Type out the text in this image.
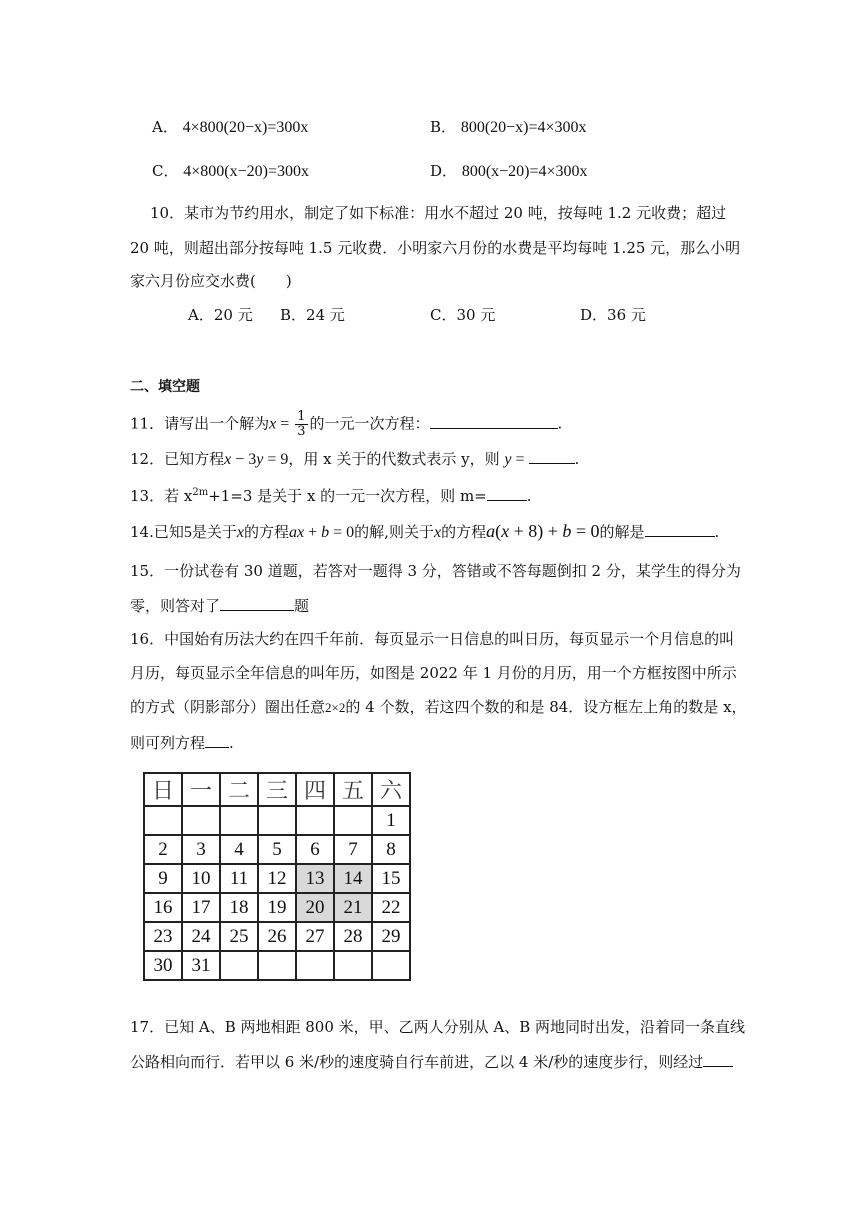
A． 4×800(20−x)=300x	B． 800(20−x)=4×300x
C． 4×800(x−20)=300x	D． 800(x−20)=4×300x
10．某市为节约用水，制定了如下标准：用水不超过 20 吨，按每吨 1.2 元收费；超过
20 吨，则超出部分按每吨 1.5 元收费．小明家六月份的水费是平均每吨 1.25 元，那么小明
家六月份应交水费(　　)
A．20 元 B．24 元	C．30 元	D．36 元
二、填空题
11．请写出一个解为$x = \frac{1}{3}$ 的一元一次方程：	.
12．已知方程x − 3y = 9，用 x 关于的代数式表示 y，则 y =	.
13．若 $x^{2m}+1=3$ 是关于 x 的一元一次方程，则 m=	.
14.已知5是关于x的方程ax + b = 0的解,则关于x的方程a(x + 8) + b = 0的解是	.
15．一份试卷有 30 道题，若答对一题得 3 分，答错或不答每题倒扣 2 分，某学生的得分为
零，则答对了	题
16．中国始有历法大约在四千年前．每页显示一日信息的叫日历，每页显示一个月信息的叫
月历，每页显示全年信息的叫年历，如图是 2022 年 1 月份的月历，用一个方框按图中所示
的方式（阴影部分）圈出任意2×2的 4 个数，若这四个数的和是 84．设方框左上角的数是 x，
则可列方程 .
日	一	二	三	四	五	六
						1
2	3	4	5	6	7	8
9	10	11	12	13	14	15
16	17	18	19	20	21	22
23	24	25	26	27	28	29
30	31					
17．已知 A、B 两地相距 800 米，甲、乙两人分别从 A、B 两地同时出发，沿着同一条直线
公路相向而行．若甲以 6 米/秒的速度骑自行车前进，乙以 4 米/秒的速度步行，则经过
